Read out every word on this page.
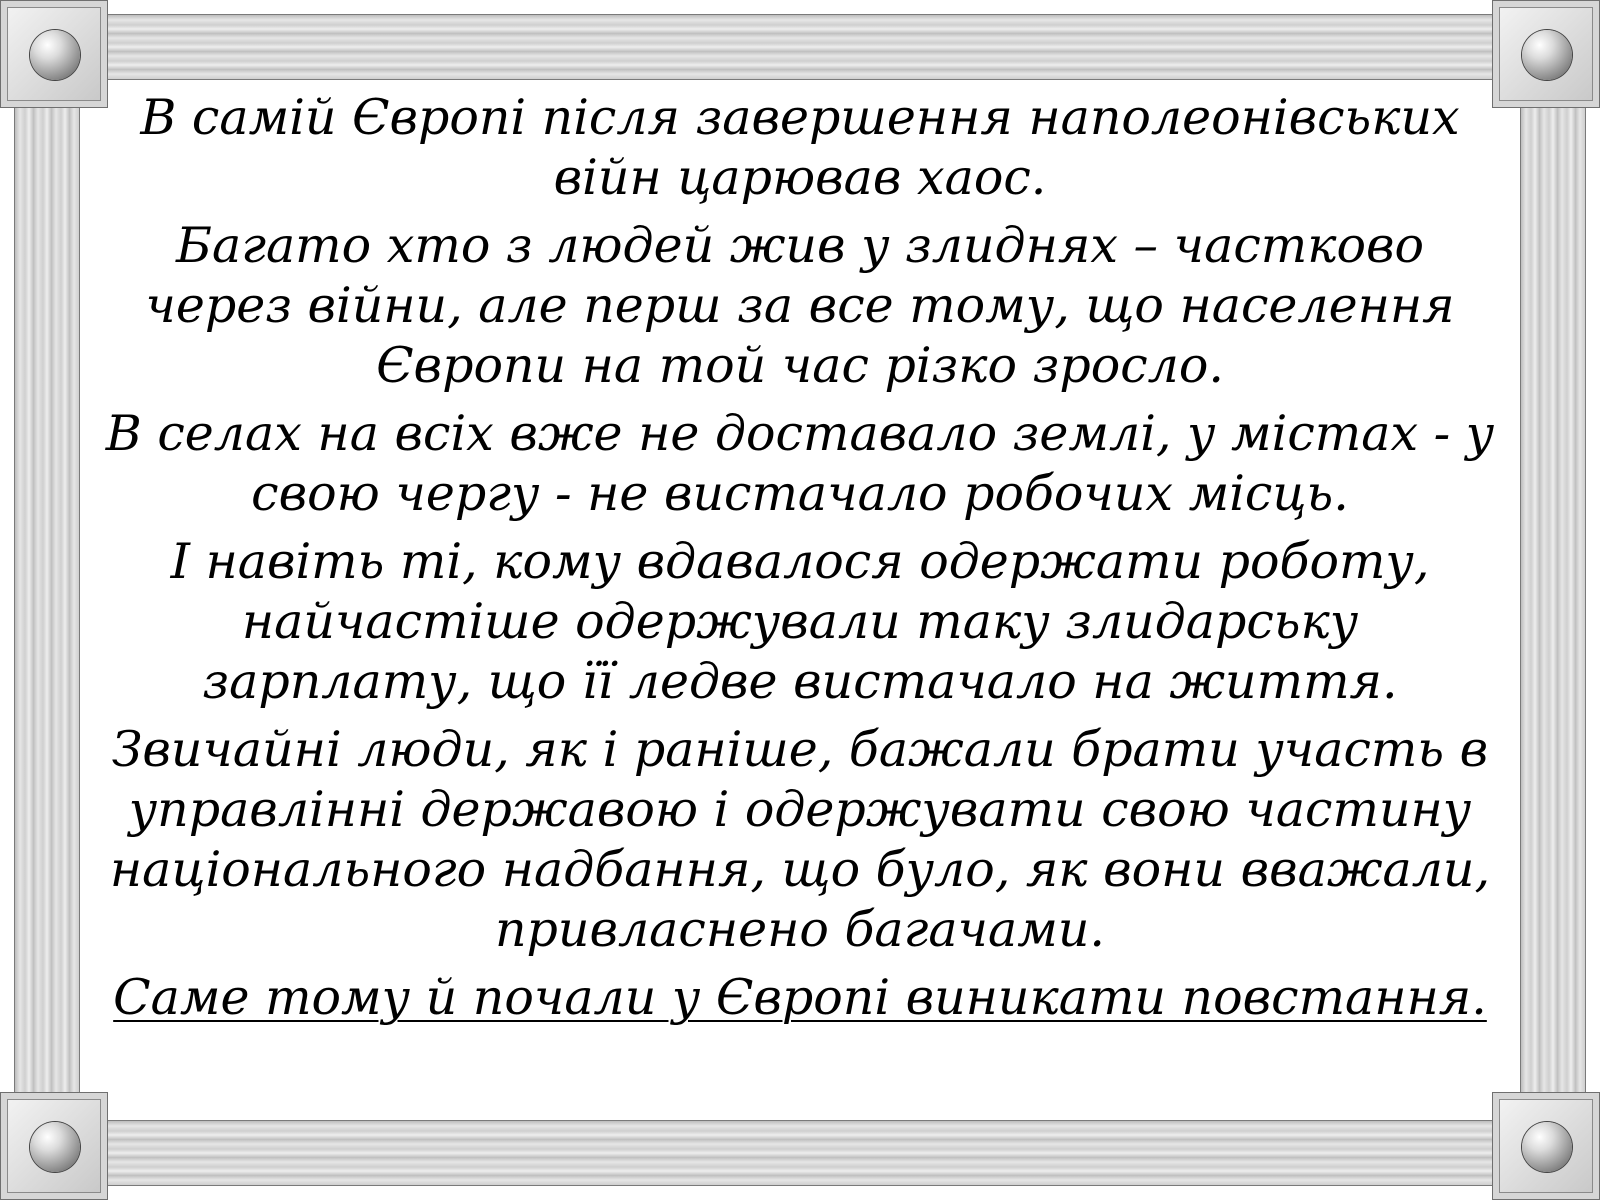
В самій Європі після завершення наполеонівських війн царював хаос.

Багато хто з людей жив у злиднях – частково через війни, але перш за все тому, що населення Європи на той час різко зросло.

В селах на всіх вже не доставало землі, у містах - у свою чергу - не вистачало робочих місць.

І навіть ті, кому вдавалося одержати роботу, найчастіше одержували таку злидарську зарплату, що її ледве вистачало на життя.

Звичайні люди, як і раніше, бажали брати участь в управлінні державою і одержувати свою частину національного надбання, що було, як вони вважали, привласнено багачами.

Саме тому й почали у Європі виникати повстання.
